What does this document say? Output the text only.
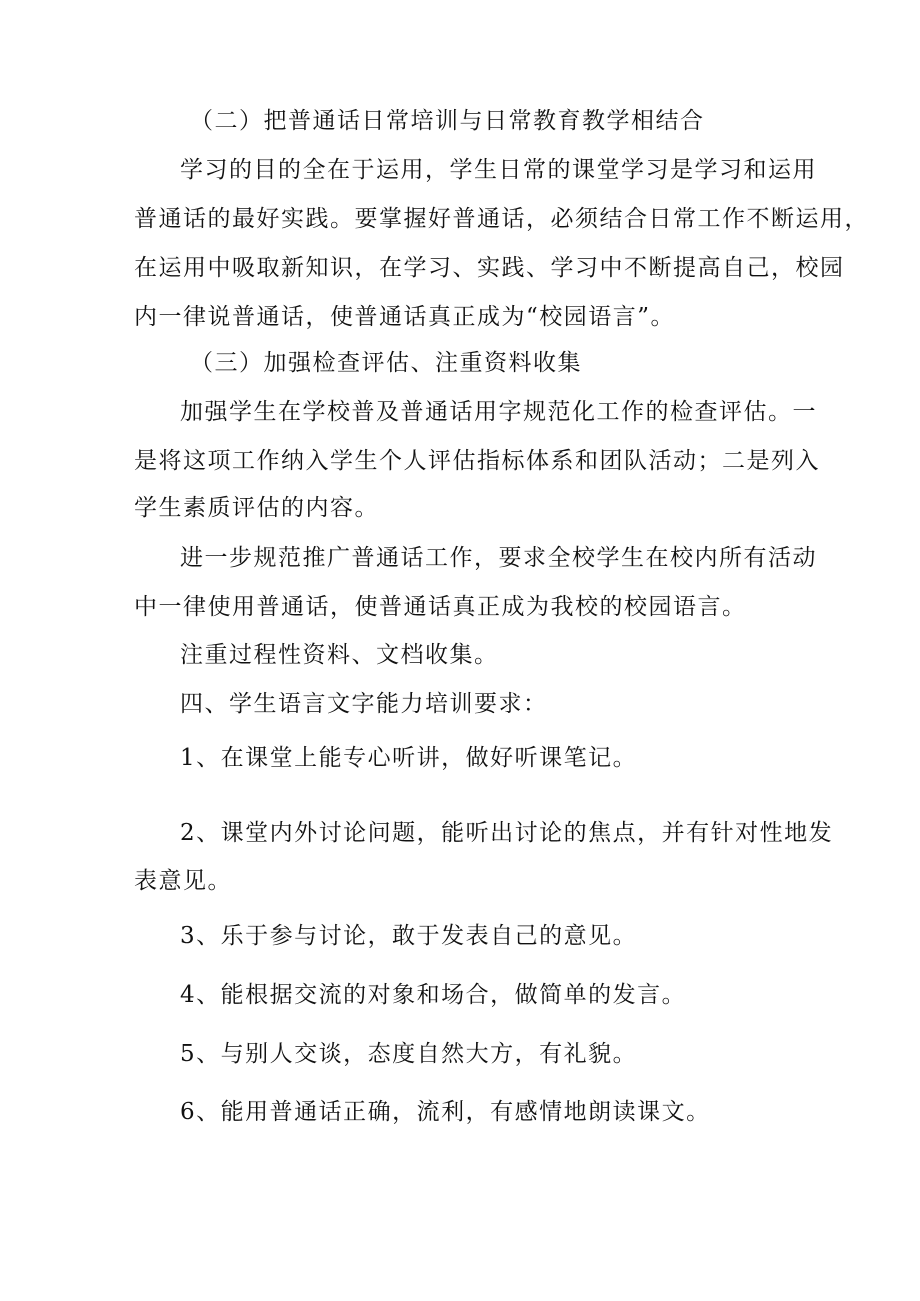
（二）把普通话日常培训与日常教育教学相结合
学习的目的全在于运用，学生日常的课堂学习是学习和运用
普通话的最好实践。要掌握好普通话，必须结合日常工作不断运用，
在运用中吸取新知识，在学习、实践、学习中不断提高自己，校园
内一律说普通话，使普通话真正成为“校园语言”。
（三）加强检查评估、注重资料收集
加强学生在学校普及普通话用字规范化工作的检查评估。一
是将这项工作纳入学生个人评估指标体系和团队活动；二是列入
学生素质评估的内容。
进一步规范推广普通话工作，要求全校学生在校内所有活动
中一律使用普通话，使普通话真正成为我校的校园语言。
注重过程性资料、文档收集。
四、学生语言文字能力培训要求：
1、在课堂上能专心听讲，做好听课笔记。
2、课堂内外讨论问题，能听出讨论的焦点，并有针对性地发
表意见。
3、乐于参与讨论，敢于发表自己的意见。
4、能根据交流的对象和场合，做简单的发言。
5、与别人交谈，态度自然大方，有礼貌。
6、能用普通话正确，流利，有感情地朗读课文。
